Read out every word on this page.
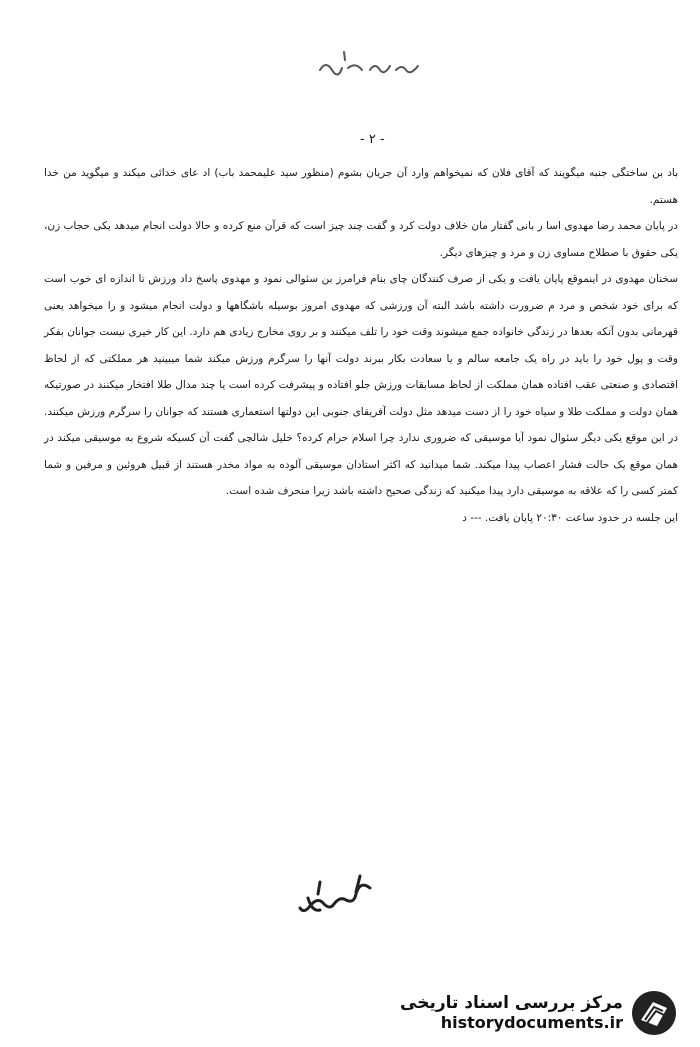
- ۲ -

باد بن ساختگی جنبه میگویند که آقای فلان که نمیخواهم وارد آن جریان بشوم (منظور سید علیمحمد باب) اد عای خدائی میکند و میگوید من خدا هستم.

در پایان محمد رضا مهدوی اسا ر بانی گفتار مان خلاف دولت کرد و گفت چند چیز است که قرآن منع کرده و حالا دولت انجام میدهد یکی حجاب زن، یکی حقوق با صطلاح مساوی زن و مرد و چیزهای دیگر.

سخنان مهدوی در اینموقع پایان یافت و یکی از صرف کنندگان چای بنام فرامرز بن سئوالی نمود و مهدوی پاسخ داد ورزش تا اندازه ای خوب است که برای خود شخص و مرد م ضرورت داشته باشد البته آن ورزشی که مهدوی امروز بوسیله باشگاهها و دولت انجام میشود و را میخواهد یعنی قهرمانی بدون آنکه بعدها در زندگی خانواده جمع میشوند وقت خود را تلف میکنند و بر روی مخارج زیادی هم دارد. این کار خیری نیست جوانان بفکر وقت و پول خود را باید در راه یک جامعه سالم و یا سعادت بکار ببرند دولت آنها را سرگرم ورزش میکند شما میبینید هر مملکتی که از لحاظ اقتصادی و صنعتی عقب افتاده همان مملکت از لحاظ مسابقات ورزش جلو افتاده و پیشرفت کرده است یا چند مدال طلا افتخار میکنند در صورتیکه همان دولت و مملکت طلا و سیاه خود را از دست میدهد مثل دولت آفریقای جنوبی این دولتها استعماری هستند که جوانان را سرگرم ورزش میکنند. در این موقع یکی دیگر سئوال نمود آیا موسیقی که ضروری ندارد چرا اسلام حرام کرده؟ خلیل شالچی گفت آن کسیکه شروع به موسیقی میکند در همان موقع یک حالت فشار اعصاب پیدا میکند. شما میدانید که اکثر استادان موسیقی آلوده به مواد مخدر هستند از قبیل هروئین و مرفین و شما کمتر کسی را که علاقه به موسیقی دارد پیدا میکنید که زندگی صحیح داشته باشد زیرا منحرف شده است.

این جلسه در حدود ساعت ۲۰:۳۰ پایان یافت. --- د

مرکز بررسی اسناد تاریخی
historydocuments.ir
